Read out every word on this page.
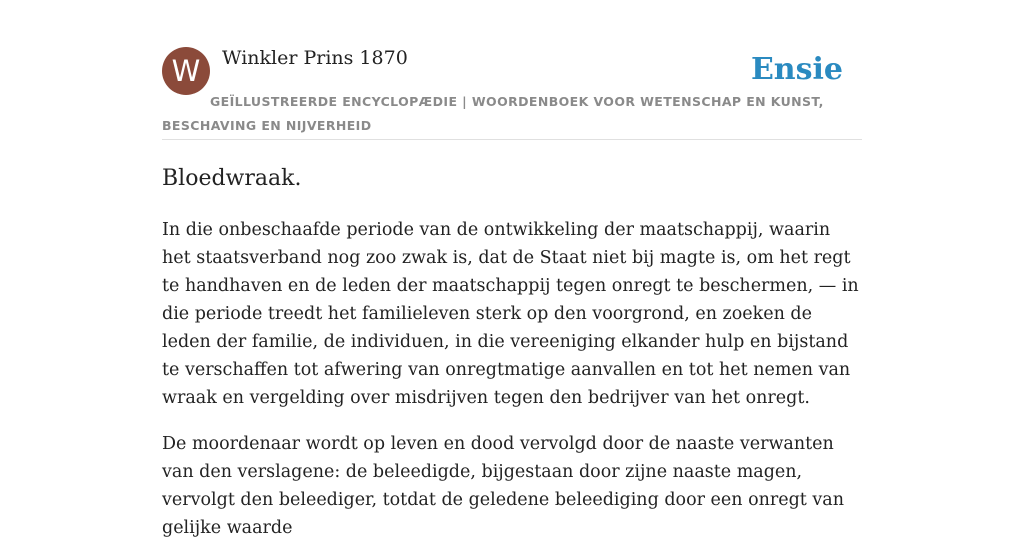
W	Winkler Prins 1870	Ensie
GEÏLLUSTREERDE ENCYCLOPÆDIE | WOORDENBOEK VOOR WETENSCHAP EN KUNST, BESCHAVING EN NIJVERHEID
Bloedwraak.

In die onbeschaafde periode van de ontwikkeling der maatschappij, waarin het staatsverband nog zoo zwak is, dat de Staat niet bij magte is, om het regt te handhaven en de leden der maatschappij tegen onregt te beschermen, — in die periode treedt het familieleven sterk op den voorgrond, en zoeken de leden der familie, de individuen, in die vereeniging elkander hulp en bijstand te verschaffen tot afwering van onregtmatige aanvallen en tot het nemen van wraak en vergelding over misdrijven tegen den bedrijver van het onregt.

De moordenaar wordt op leven en dood vervolgd door de naaste verwanten van den verslagene: de beleedigde, bijgestaan door zijne naaste magen, vervolgt den beleediger, totdat de geledene beleediging door een onregt van gelijke waarde
